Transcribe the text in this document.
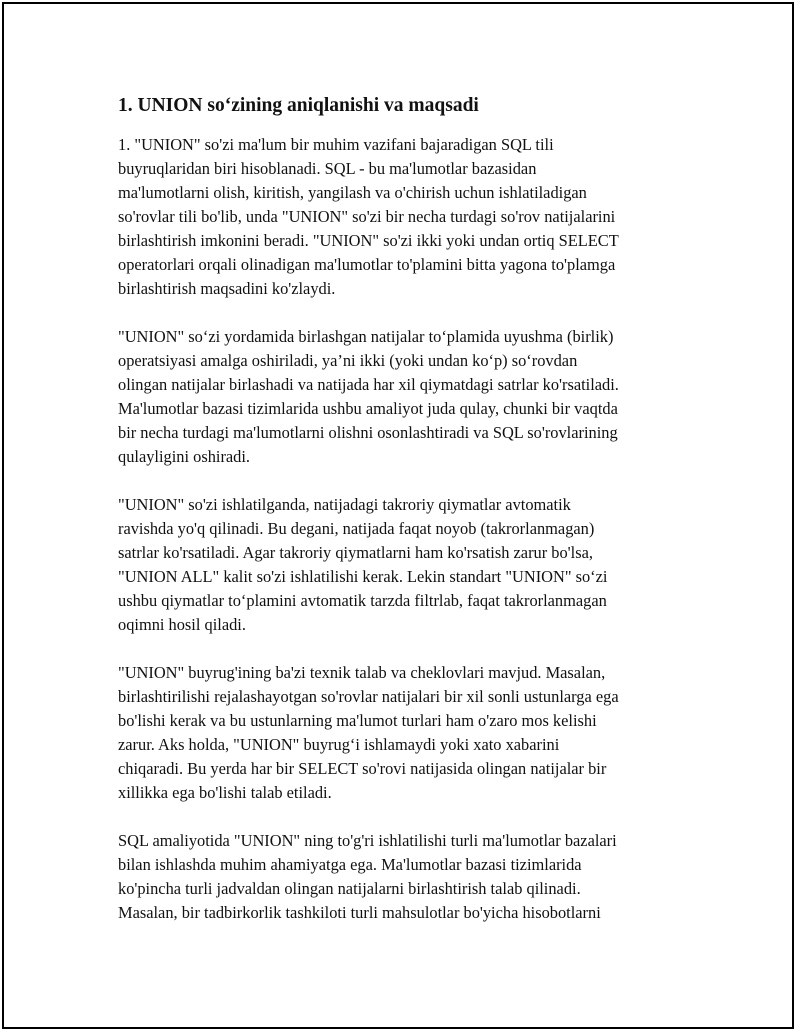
1. UNION so‘zining aniqlanishi va maqsadi

1. "UNION" so'zi ma'lum bir muhim vazifani bajaradigan SQL tili
buyruqlaridan biri hisoblanadi. SQL - bu ma'lumotlar bazasidan
ma'lumotlarni olish, kiritish, yangilash va o'chirish uchun ishlatiladigan
so'rovlar tili bo'lib, unda "UNION" so'zi bir necha turdagi so'rov natijalarini
birlashtirish imkonini beradi. "UNION" so'zi ikki yoki undan ortiq SELECT
operatorlari orqali olinadigan ma'lumotlar to'plamini bitta yagona to'plamga
birlashtirish maqsadini ko'zlaydi.

"UNION" so‘zi yordamida birlashgan natijalar to‘plamida uyushma (birlik)
operatsiyasi amalga oshiriladi, ya’ni ikki (yoki undan ko‘p) so‘rovdan
olingan natijalar birlashadi va natijada har xil qiymatdagi satrlar ko'rsatiladi.
Ma'lumotlar bazasi tizimlarida ushbu amaliyot juda qulay, chunki bir vaqtda
bir necha turdagi ma'lumotlarni olishni osonlashtiradi va SQL so'rovlarining
qulayligini oshiradi.

"UNION" so'zi ishlatilganda, natijadagi takroriy qiymatlar avtomatik
ravishda yo'q qilinadi. Bu degani, natijada faqat noyob (takrorlanmagan)
satrlar ko'rsatiladi. Agar takroriy qiymatlarni ham ko'rsatish zarur bo'lsa,
"UNION ALL" kalit so'zi ishlatilishi kerak. Lekin standart "UNION" so‘zi
ushbu qiymatlar to‘plamini avtomatik tarzda filtrlab, faqat takrorlanmagan
oqimni hosil qiladi.

"UNION" buyrug'ining ba'zi texnik talab va cheklovlari mavjud. Masalan,
birlashtirilishi rejalashayotgan so'rovlar natijalari bir xil sonli ustunlarga ega
bo'lishi kerak va bu ustunlarning ma'lumot turlari ham o'zaro mos kelishi
zarur. Aks holda, "UNION" buyrug‘i ishlamaydi yoki xato xabarini
chiqaradi. Bu yerda har bir SELECT so'rovi natijasida olingan natijalar bir
xillikka ega bo'lishi talab etiladi.

SQL amaliyotida "UNION" ning to'g'ri ishlatilishi turli ma'lumotlar bazalari
bilan ishlashda muhim ahamiyatga ega. Ma'lumotlar bazasi tizimlarida
ko'pincha turli jadvaldan olingan natijalarni birlashtirish talab qilinadi.
Masalan, bir tadbirkorlik tashkiloti turli mahsulotlar bo'yicha hisobotlarni
